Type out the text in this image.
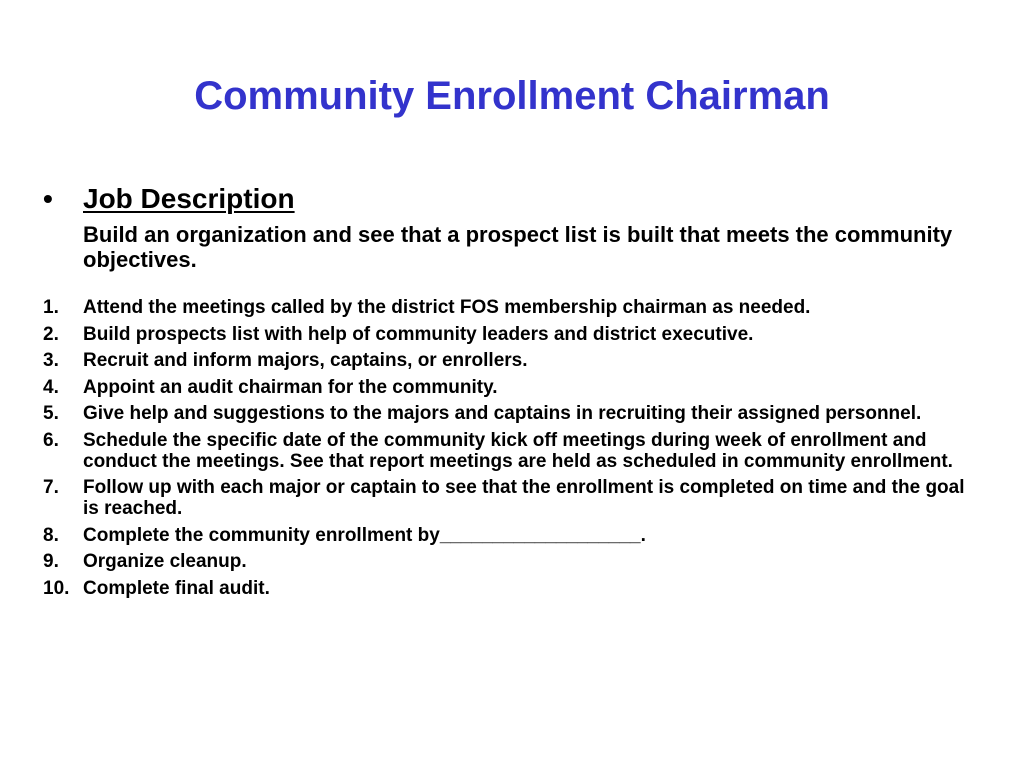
Community Enrollment Chairman
• Job Description
Build an organization and see that a prospect list is built that meets the community objectives.
1. Attend the meetings called by the district FOS membership chairman as needed.
2. Build prospects list with help of community leaders and district executive.
3. Recruit and inform majors, captains, or enrollers.
4. Appoint an audit chairman for the community.
5. Give help and suggestions to the majors and captains in recruiting their assigned personnel.
6. Schedule the specific date of the community kick off meetings during week of enrollment and conduct the meetings. See that report meetings are held as scheduled in community enrollment.
7. Follow up with each major or captain to see that the enrollment is completed on time and the goal is reached.
8. Complete the community enrollment by___________________.
9. Organize cleanup.
10. Complete final audit.
